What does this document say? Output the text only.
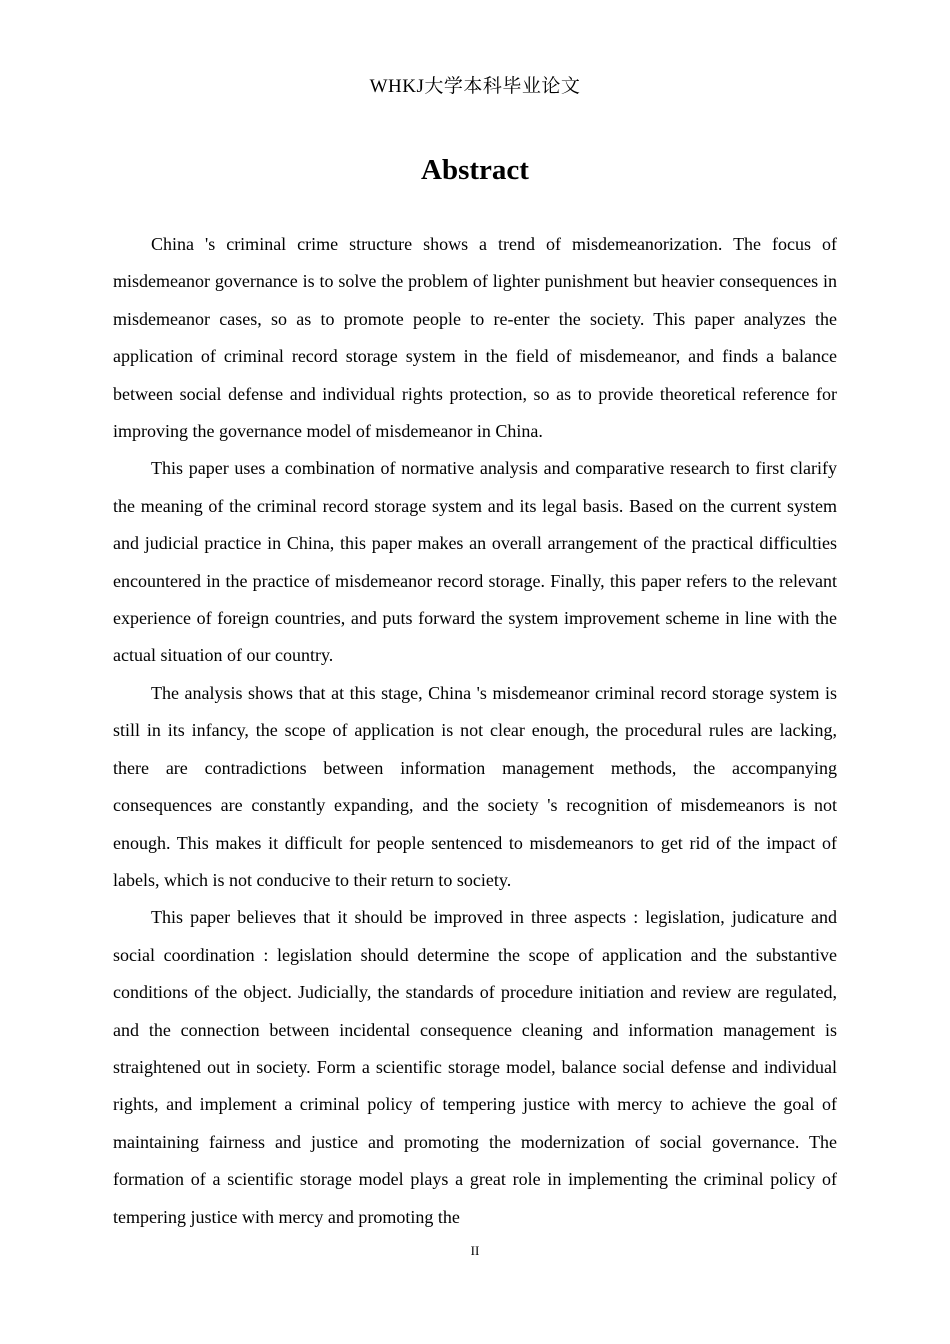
WHKJ大学本科毕业论文
Abstract

China 's criminal crime structure shows a trend of misdemeanorization. The focus of misdemeanor governance is to solve the problem of lighter punishment but heavier consequences in misdemeanor cases, so as to promote people to re-enter the society. This paper analyzes the application of criminal record storage system in the field of misdemeanor, and finds a balance between social defense and individual rights protection, so as to provide theoretical reference for improving the governance model of misdemeanor in China.

This paper uses a combination of normative analysis and comparative research to first clarify the meaning of the criminal record storage system and its legal basis. Based on the current system and judicial practice in China, this paper makes an overall arrangement of the practical difficulties encountered in the practice of misdemeanor record storage. Finally, this paper refers to the relevant experience of foreign countries, and puts forward the system improvement scheme in line with the actual situation of our country.

The analysis shows that at this stage, China 's misdemeanor criminal record storage system is still in its infancy, the scope of application is not clear enough, the procedural rules are lacking, there are contradictions between information management methods, the accompanying consequences are constantly expanding, and the society 's recognition of misdemeanors is not enough. This makes it difficult for people sentenced to misdemeanors to get rid of the impact of labels, which is not conducive to their return to society.

This paper believes that it should be improved in three aspects : legislation, judicature and social coordination : legislation should determine the scope of application and the substantive conditions of the object. Judicially, the standards of procedure initiation and review are regulated, and the connection between incidental consequence cleaning and information management is straightened out in society. Form a scientific storage model, balance social defense and individual rights, and implement a criminal policy of tempering justice with mercy to achieve the goal of maintaining fairness and justice and promoting the modernization of social governance. The formation of a scientific storage model plays a great role in implementing the criminal policy of tempering justice with mercy and promoting the

II
